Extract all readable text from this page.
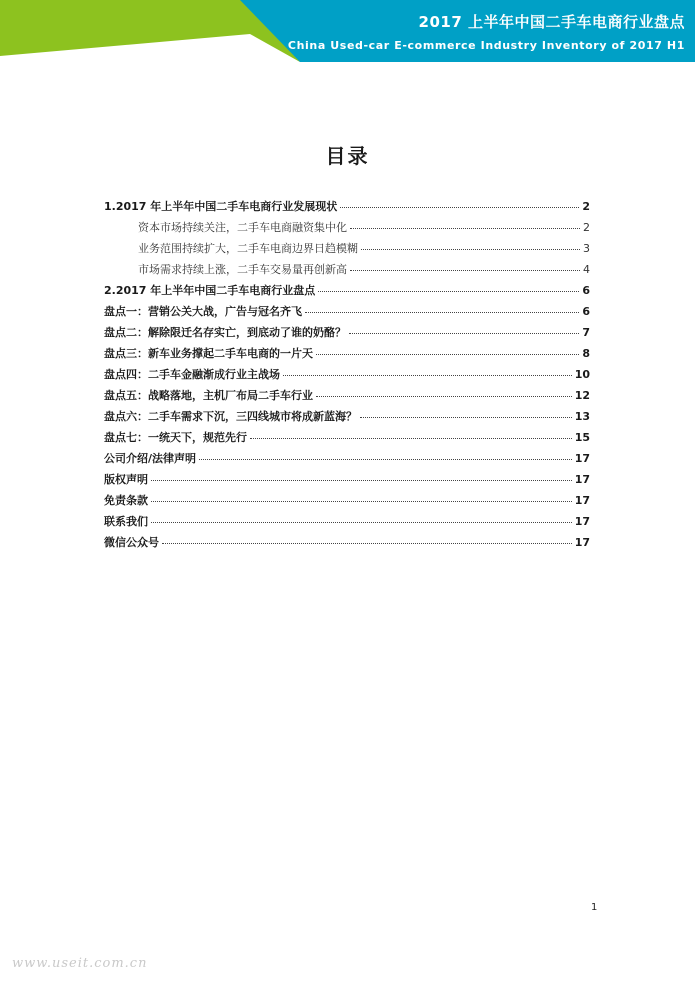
2017 上半年中国二手车电商行业盘点
China Used-car E-commerce Industry Inventory of 2017 H1
目录
1.2017 年上半年中国二手车电商行业发展现状	2
资本市场持续关注，二手车电商融资集中化	2
业务范围持续扩大，二手车电商边界日趋模糊	3
市场需求持续上涨，二手车交易量再创新高	4
2.2017 年上半年中国二手车电商行业盘点	6
盘点一：营销公关大战，广告与冠名齐飞	6
盘点二：解除限迁名存实亡，到底动了谁的奶酪？	7
盘点三：新车业务撑起二手车电商的一片天	8
盘点四：二手车金融渐成行业主战场	10
盘点五：战略落地，主机厂布局二手车行业	12
盘点六：二手车需求下沉，三四线城市将成新蓝海？	13
盘点七：一统天下，规范先行	15
公司介绍/法律声明	17
版权声明	17
免责条款	17
联系我们	17
微信公众号	17
1
www.useit.com.cn
